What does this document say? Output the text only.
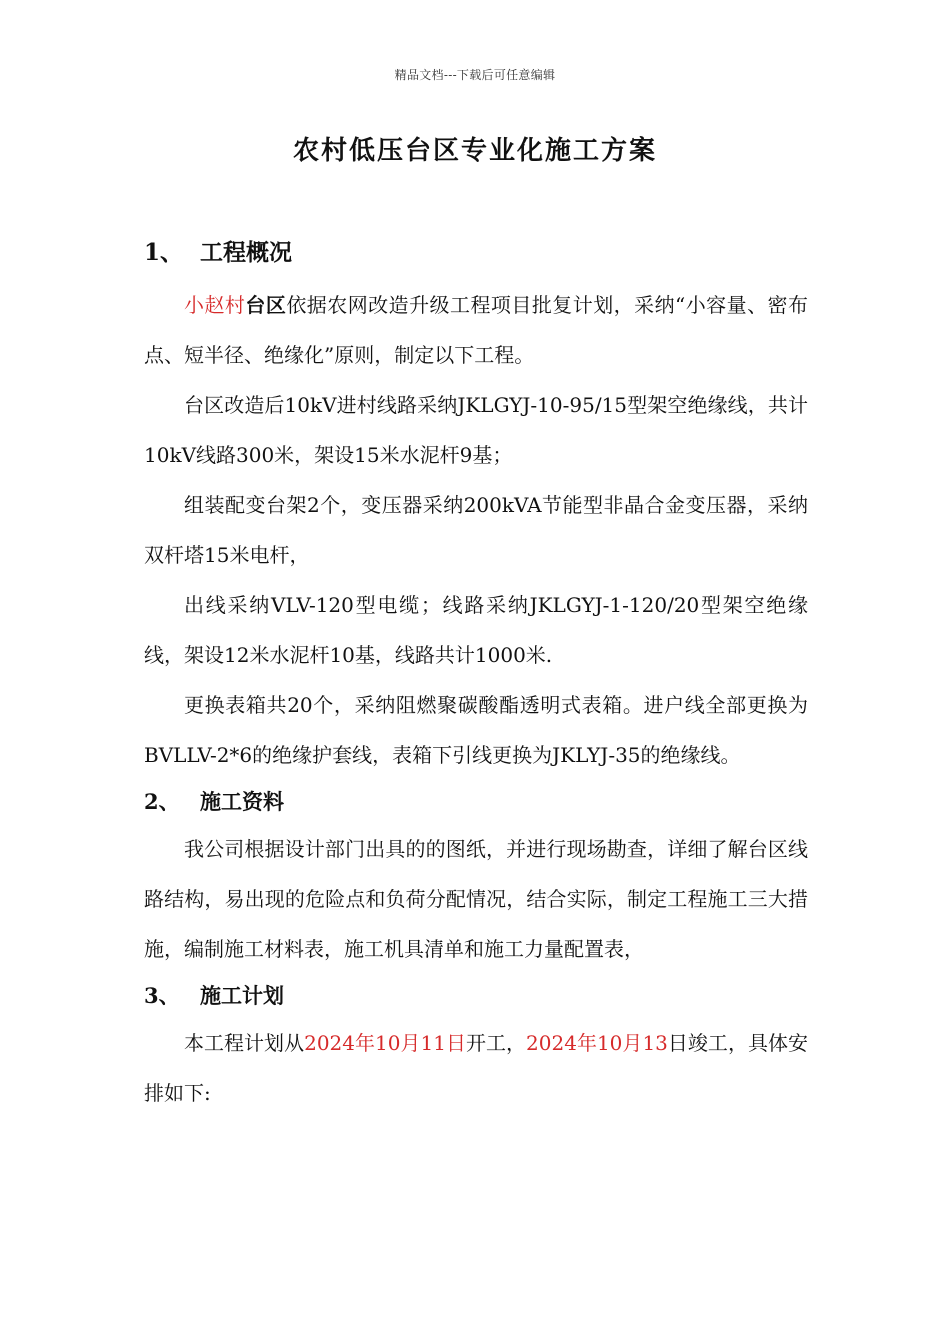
精品文档---下载后可任意编辑
农村低压台区专业化施工方案
1、 工程概况

小赵村台区依据农网改造升级工程项目批复计划，采纳“小容量、密布点、短半径、绝缘化”原则，制定以下工程。

台区改造后10kV进村线路采纳JKLGYJ-10-95/15型架空绝缘线，共计10kV线路300米，架设15米水泥杆9基；

组装配变台架2个，变压器采纳200kVA节能型非晶合金变压器，采纳双杆塔15米电杆，

出线采纳VLV-120型电缆；线路采纳JKLGYJ-1-120/20型架空绝缘线，架设12米水泥杆10基，线路共计1000米.

更换表箱共20个，采纳阻燃聚碳酸酯透明式表箱。进户线全部更换为BVLLV-2*6的绝缘护套线，表箱下引线更换为JKLYJ-35的绝缘线。

2、 施工资料

我公司根据设计部门出具的的图纸，并进行现场勘查，详细了解台区线路结构，易出现的危险点和负荷分配情况，结合实际，制定工程施工三大措施，编制施工材料表，施工机具清单和施工力量配置表，

3、 施工计划

本工程计划从2024年10月11日开工，2024年10月13日竣工，具体安排如下:
